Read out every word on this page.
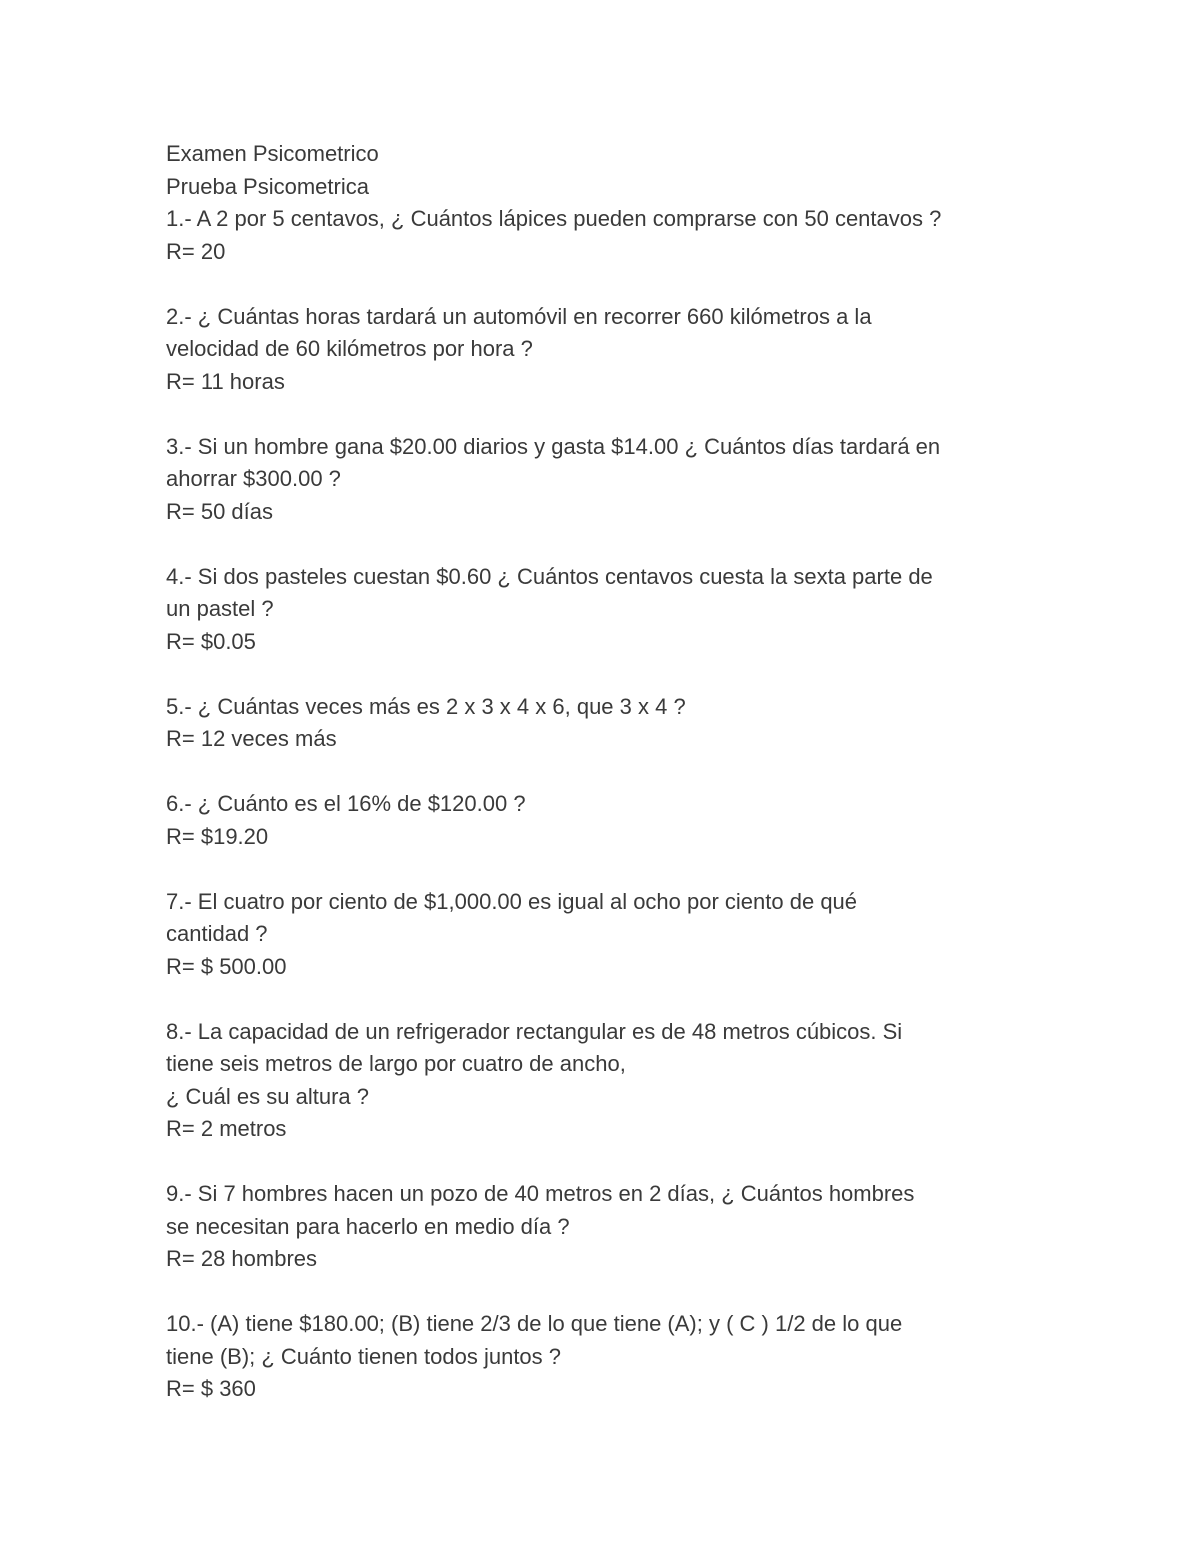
Examen Psicometrico
Prueba Psicometrica
1.- A 2 por 5 centavos, ¿ Cuántos lápices pueden comprarse con 50 centavos ?
R= 20
2.- ¿ Cuántas horas tardará un automóvil en recorrer 660 kilómetros a la
velocidad de 60 kilómetros por hora ?
R= 11 horas
3.- Si un hombre gana $20.00 diarios y gasta $14.00 ¿ Cuántos días tardará en
ahorrar $300.00 ?
R= 50 días
4.- Si dos pasteles cuestan $0.60 ¿ Cuántos centavos cuesta la sexta parte de
un pastel ?
R= $0.05
5.- ¿ Cuántas veces más es 2 x 3 x 4 x 6, que 3 x 4 ?
R= 12 veces más
6.- ¿ Cuánto es el 16% de $120.00 ?
R= $19.20
7.- El cuatro por ciento de $1,000.00 es igual al ocho por ciento de qué
cantidad ?
R= $ 500.00
8.- La capacidad de un refrigerador rectangular es de 48 metros cúbicos. Si
tiene seis metros de largo por cuatro de ancho,
¿ Cuál es su altura ?
R= 2 metros
9.- Si 7 hombres hacen un pozo de 40 metros en 2 días, ¿ Cuántos hombres
se necesitan para hacerlo en medio día ?
R= 28 hombres
10.- (A) tiene $180.00; (B) tiene 2/3 de lo que tiene (A); y ( C ) 1/2 de lo que
tiene (B); ¿ Cuánto tienen todos juntos ?
R= $ 360
